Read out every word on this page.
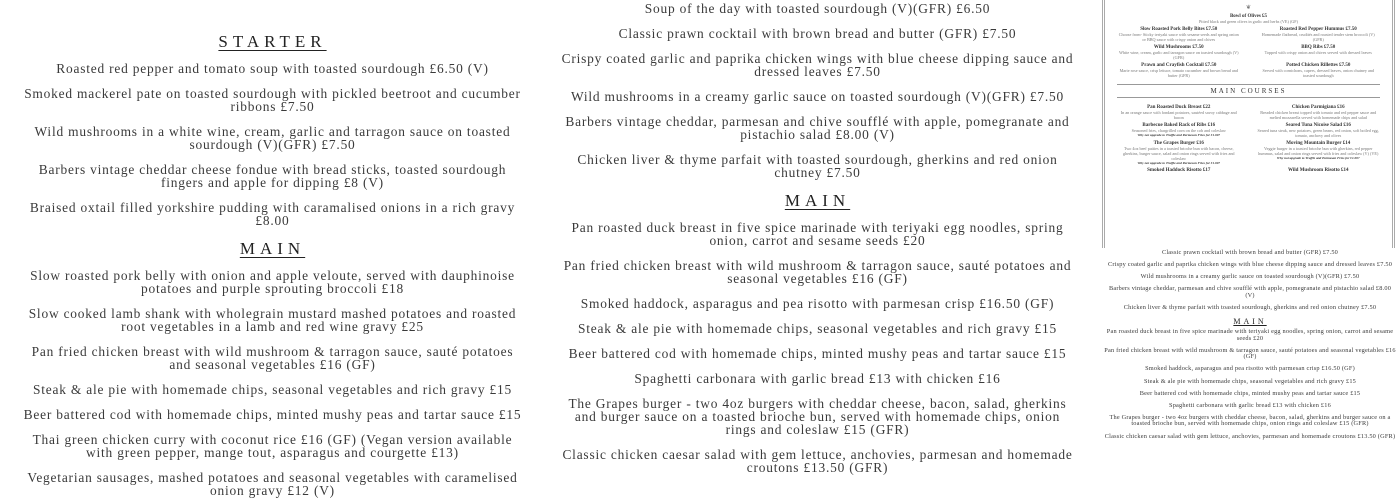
STARTER
Roasted red pepper and tomato soup with toasted sourdough £6.50 (V)
Smoked mackerel pate on toasted sourdough with pickled beetroot and cucumber ribbons £7.50
Wild mushrooms in a white wine, cream, garlic and tarragon sauce on toasted sourdough (V)(GFR) £7.50
Barbers vintage cheddar cheese fondue with bread sticks, toasted sourdough fingers and apple for dipping £8 (V)
Braised oxtail filled yorkshire pudding with caramalised onions in a rich gravy £8.00
MAIN
Slow roasted pork belly with onion and apple veloute, served with dauphinoise potatoes and purple sprouting broccoli £18
Slow cooked lamb shank with wholegrain mustard mashed potatoes and roasted root vegetables in a lamb and red wine gravy £25
Pan fried chicken breast with wild mushroom & tarragon sauce, sauté potatoes and seasonal vegetables £16 (GF)
Steak & ale pie with homemade chips, seasonal vegetables and rich gravy £15
Beer battered cod with homemade chips, minted mushy peas and tartar sauce £15
Thai green chicken curry with coconut rice £16 (GF) (Vegan version available with green pepper, mange tout, asparagus and courgette £13)
Vegetarian sausages, mashed potatoes and seasonal vegetables with caramelised onion gravy £12 (V)
Soup of the day with toasted sourdough (V)(GFR) £6.50
Classic prawn cocktail with brown bread and butter (GFR) £7.50
Crispy coated garlic and paprika chicken wings with blue cheese dipping sauce and dressed leaves £7.50
Wild mushrooms in a creamy garlic sauce on toasted sourdough (V)(GFR) £7.50
Barbers vintage cheddar, parmesan and chive soufflé with apple, pomegranate and pistachio salad £8.00 (V)
Chicken liver & thyme parfait with toasted sourdough, gherkins and red onion chutney £7.50
MAIN
Pan roasted duck breast in five spice marinade with teriyaki egg noodles, spring onion, carrot and sesame seeds £20
Pan fried chicken breast with wild mushroom & tarragon sauce, sauté potatoes and seasonal vegetables £16 (GF)
Smoked haddock, asparagus and pea risotto with parmesan crisp £16.50 (GF)
Steak & ale pie with homemade chips, seasonal vegetables and rich gravy £15
Beer battered cod with homemade chips, minted mushy peas and tartar sauce £15
Spaghetti carbonara with garlic bread £13 with chicken £16
The Grapes burger - two 4oz burgers with cheddar cheese, bacon, salad, gherkins and burger sauce on a toasted brioche bun, served with homemade chips, onion rings and coleslaw £15 (GFR)
Classic chicken caesar salad with gem lettuce, anchovies, parmesan and homemade croutons £13.50 (GFR)
❦
Bowl of Olives £5
Pitted black and green olives in garlic and herbs (VE) (GF)
Slow Roasted Pork Belly Bites £7.50
Choose from- Sticky teriyaki sauce with sesame seeds and spring onion or BBQ sauce with crispy onion and chives
Roasted Red Pepper Hummus £7.50
Homemade flatbread, crudités and roasted tender stem broccoli (V) (GFR)
Wild Mushrooms £7.50
White wine, cream, garlic and tarragon sauce on toasted sourdough (V) (GFR)
BBQ Ribs £7.50
Topped with crispy onion and chives served with dressed leaves
Prawn and Crayfish Cocktail £7.50
Marie rose sauce, crisp lettuce, tomato cucumber and brown bread and butter (GFR)
Potted Chicken Rillettes £7.50
Served with cornichons, capers, dressed leaves, onion chutney and toasted sourdough
MAIN COURSES
Pan Roasted Duck Breast £22
In an orange sauce with fondant potatoes, sautéed savoy cabbage and bacon
Chicken Parmigiana £16
Breaded chicken breast topped with tomato and red pepper sauce and melted mozzarella served with homemade chips and salad
Barbecue Baked Rack of Ribs £16
Seasoned fries, chargrilled corn on the cob and coleslaw
Why not upgrade to Truffle and Parmesan Fries for £1.00?
Seared Tuna Nicoise Salad £16
Seared tuna steak, new potatoes, green beans, red onion, soft boiled egg, tomato, anchovy and olives
The Grapes Burger £16
Two 4oz beef patties in a toasted brioche bun with bacon, cheese, gherkins, burger sauce, salad and onion rings served with fries and coleslaw
Why not upgrade to Truffle and Parmesan Fries for £1.00?
Moving Mountain Burger £14
Veggie burger in a toasted brioche bun with gherkins, red pepper hummus, salad and onion rings served with fries and coleslaw (V) (VE)
Why not upgrade to Truffle and Parmesan Fries for £1.00?
Smoked Haddock Risotto £17	Wild Mushroom Risotto £14
Classic prawn cocktail with brown bread and butter (GFR) £7.50
Crispy coated garlic and paprika chicken wings with blue cheese dipping sauce and dressed leaves £7.50
Wild mushrooms in a creamy garlic sauce on toasted sourdough (V)(GFR) £7.50
Barbers vintage cheddar, parmesan and chive soufflé with apple, pomegranate and pistachio salad £8.00 (V)
Chicken liver & thyme parfait with toasted sourdough, gherkins and red onion chutney £7.50
MAIN
Pan roasted duck breast in five spice marinade with teriyaki egg noodles, spring onion, carrot and sesame seeds £20
Pan fried chicken breast with wild mushroom & tarragon sauce, sauté potatoes and seasonal vegetables £16 (GF)
Smoked haddock, asparagus and pea risotto with parmesan crisp £16.50 (GF)
Steak & ale pie with homemade chips, seasonal vegetables and rich gravy £15
Beer battered cod with homemade chips, minted mushy peas and tartar sauce £15
Spaghetti carbonara with garlic bread £13 with chicken £16
The Grapes burger - two 4oz burgers with cheddar cheese, bacon, salad, gherkins and burger sauce on a toasted brioche bun, served with homemade chips, onion rings and coleslaw £15 (GFR)
Classic chicken caesar salad with gem lettuce, anchovies, parmesan and homemade croutons £13.50 (GFR)
